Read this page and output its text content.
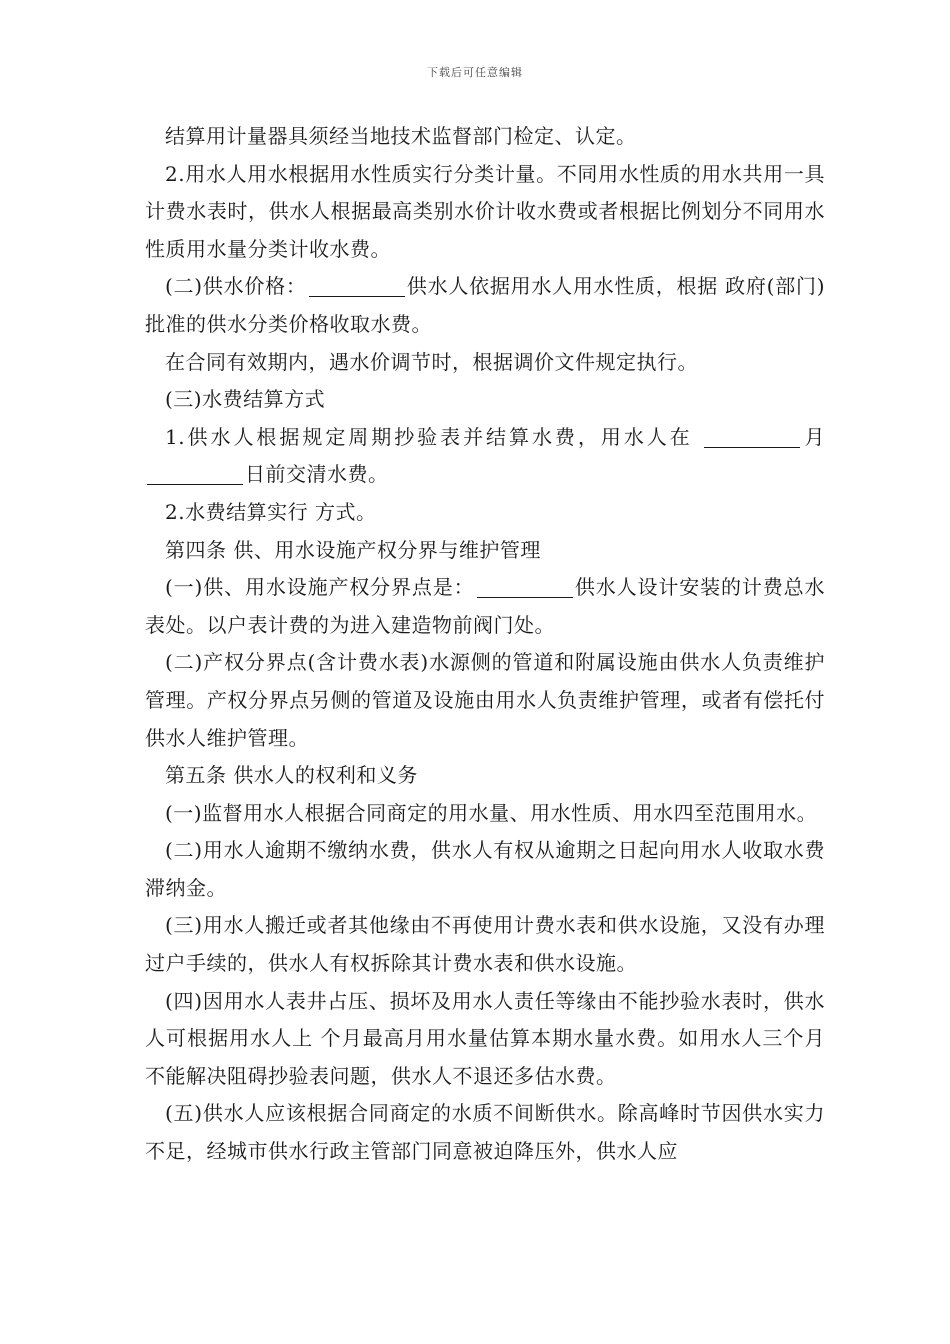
下载后可任意编辑

结算用计量器具须经当地技术监督部门检定、认定。

2.用水人用水根据用水性质实行分类计量。不同用水性质的用水共用一具计费水表时，供水人根据最高类别水价计收水费或者根据比例划分不同用水性质用水量分类计收水费。

(二)供水价格：	供水人依据用水人用水性质，根据 政府(部门)批准的供水分类价格收取水费。

在合同有效期内，遇水价调节时，根据调价文件规定执行。

(三)水费结算方式

1.供水人根据规定周期抄验表并结算水费，用水人在	月日前交清水费。

2.水费结算实行 方式。

第四条 供、用水设施产权分界与维护管理

(一)供、用水设施产权分界点是：	供水人设计安装的计费总水表处。以户表计费的为进入建造物前阀门处。

(二)产权分界点(含计费水表)水源侧的管道和附属设施由供水人负责维护管理。产权分界点另侧的管道及设施由用水人负责维护管理，或者有偿托付供水人维护管理。

第五条 供水人的权利和义务

(一)监督用水人根据合同商定的用水量、用水性质、用水四至范围用水。

(二)用水人逾期不缴纳水费，供水人有权从逾期之日起向用水人收取水费滞纳金。

(三)用水人搬迁或者其他缘由不再使用计费水表和供水设施，又没有办理过户手续的，供水人有权拆除其计费水表和供水设施。

(四)因用水人表井占压、损坏及用水人责任等缘由不能抄验水表时，供水人可根据用水人上 个月最高月用水量估算本期水量水费。如用水人三个月不能解决阻碍抄验表问题，供水人不退还多估水费。

(五)供水人应该根据合同商定的水质不间断供水。除高峰时节因供水实力不足，经城市供水行政主管部门同意被迫降压外，供水人应
